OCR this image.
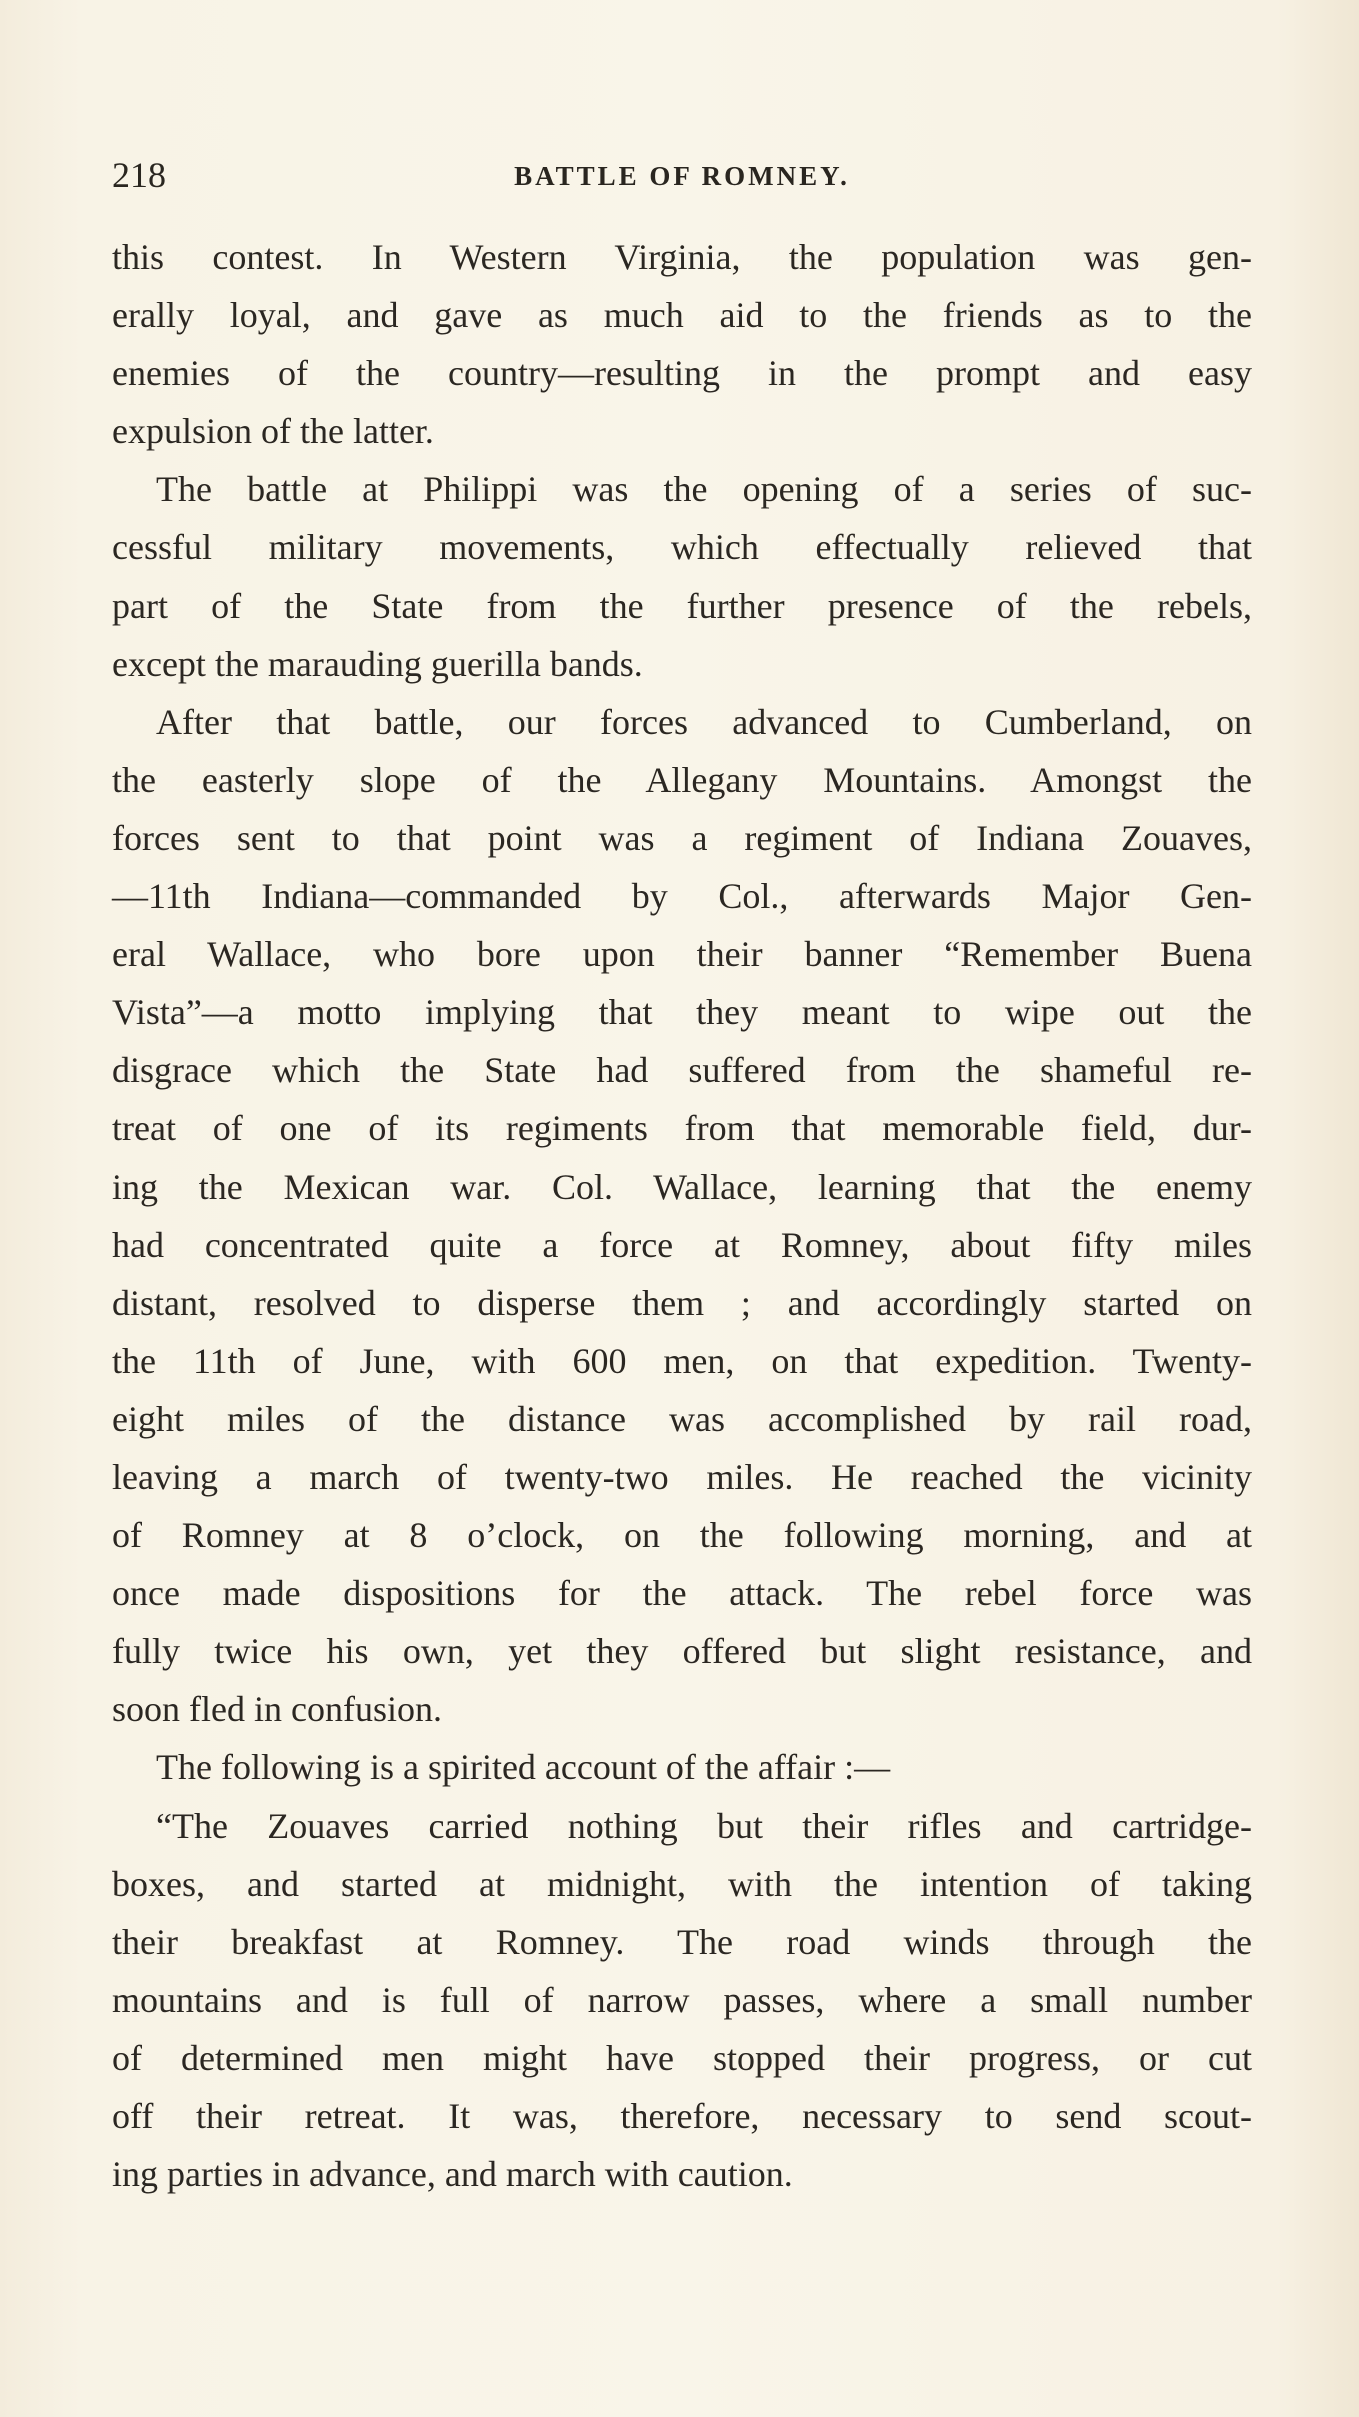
218	BATTLE OF ROMNEY.
this contest. In Western Virginia, the population was gen-
erally loyal, and gave as much aid to the friends as to the
enemies of the country—resulting in the prompt and easy
expulsion of the latter.
The battle at Philippi was the opening of a series of suc-
cessful military movements, which effectually relieved that
part of the State from the further presence of the rebels,
except the marauding guerilla bands.
After that battle, our forces advanced to Cumberland, on
the easterly slope of the Allegany Mountains. Amongst the
forces sent to that point was a regiment of Indiana Zouaves,
—11th Indiana—commanded by Col., afterwards Major Gen-
eral Wallace, who bore upon their banner “Remember Buena
Vista”—a motto implying that they meant to wipe out the
disgrace which the State had suffered from the shameful re-
treat of one of its regiments from that memorable field, dur-
ing the Mexican war. Col. Wallace, learning that the enemy
had concentrated quite a force at Romney, about fifty miles
distant, resolved to disperse them ; and accordingly started on
the 11th of June, with 600 men, on that expedition. Twenty-
eight miles of the distance was accomplished by rail road,
leaving a march of twenty-two miles. He reached the vicinity
of Romney at 8 o’clock, on the following morning, and at
once made dispositions for the attack. The rebel force was
fully twice his own, yet they offered but slight resistance, and
soon fled in confusion.
The following is a spirited account of the affair :—
“The Zouaves carried nothing but their rifles and cartridge-
boxes, and started at midnight, with the intention of taking
their breakfast at Romney. The road winds through the
mountains and is full of narrow passes, where a small number
of determined men might have stopped their progress, or cut
off their retreat. It was, therefore, necessary to send scout-
ing parties in advance, and march with caution.
